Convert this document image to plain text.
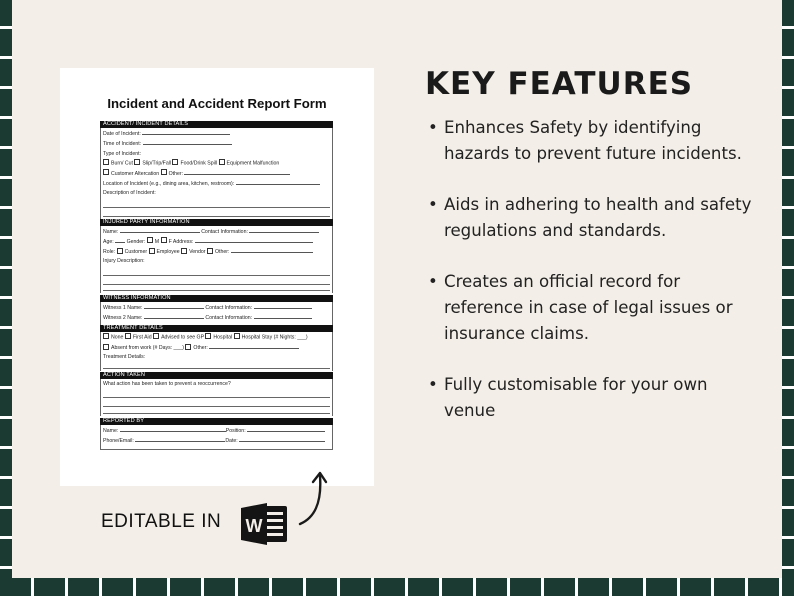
Incident and Accident Report Form
ACCIDENT/ INCIDENT DETAILS
Date of Incident:
Time of Incident:
Type of Incident:
Burn/ Cut Slip/Trip/Fall Food/Drink Spill Equipment Malfunction
Customer Altercation Other:
Location of Incident (e.g., dining area, kitchen, restroom):
Description of Incident:
INJURED PARTY INFORMATION
Name:	Contact Information:
Age: Gender: M F Address:
Role: Customer Employee Vendor Other:
Injury Description:
WITNESS INFORMATION
Witness 1 Name:	Contact Information:
Witness 2 Name:	Contact Information:
TREATMENT DETAILS
None First Aid Advised to see GP Hospital Hospital Stay (# Nights: ___)
Absent from work (# Days: ___) Other:
Treatment Details:
ACTION TAKEN
What action has been taken to prevent a reoccurrence?
REPORTED BY
Name:	Position:
Phone/Email:	Date:
KEY FEATURES
• Enhances Safety by identifying hazards to prevent future incidents.
• Aids in adhering to health and safety regulations and standards.
• Creates an official record for reference in case of legal issues or insurance claims.
• Fully customisable for your own venue
EDITABLE IN W
